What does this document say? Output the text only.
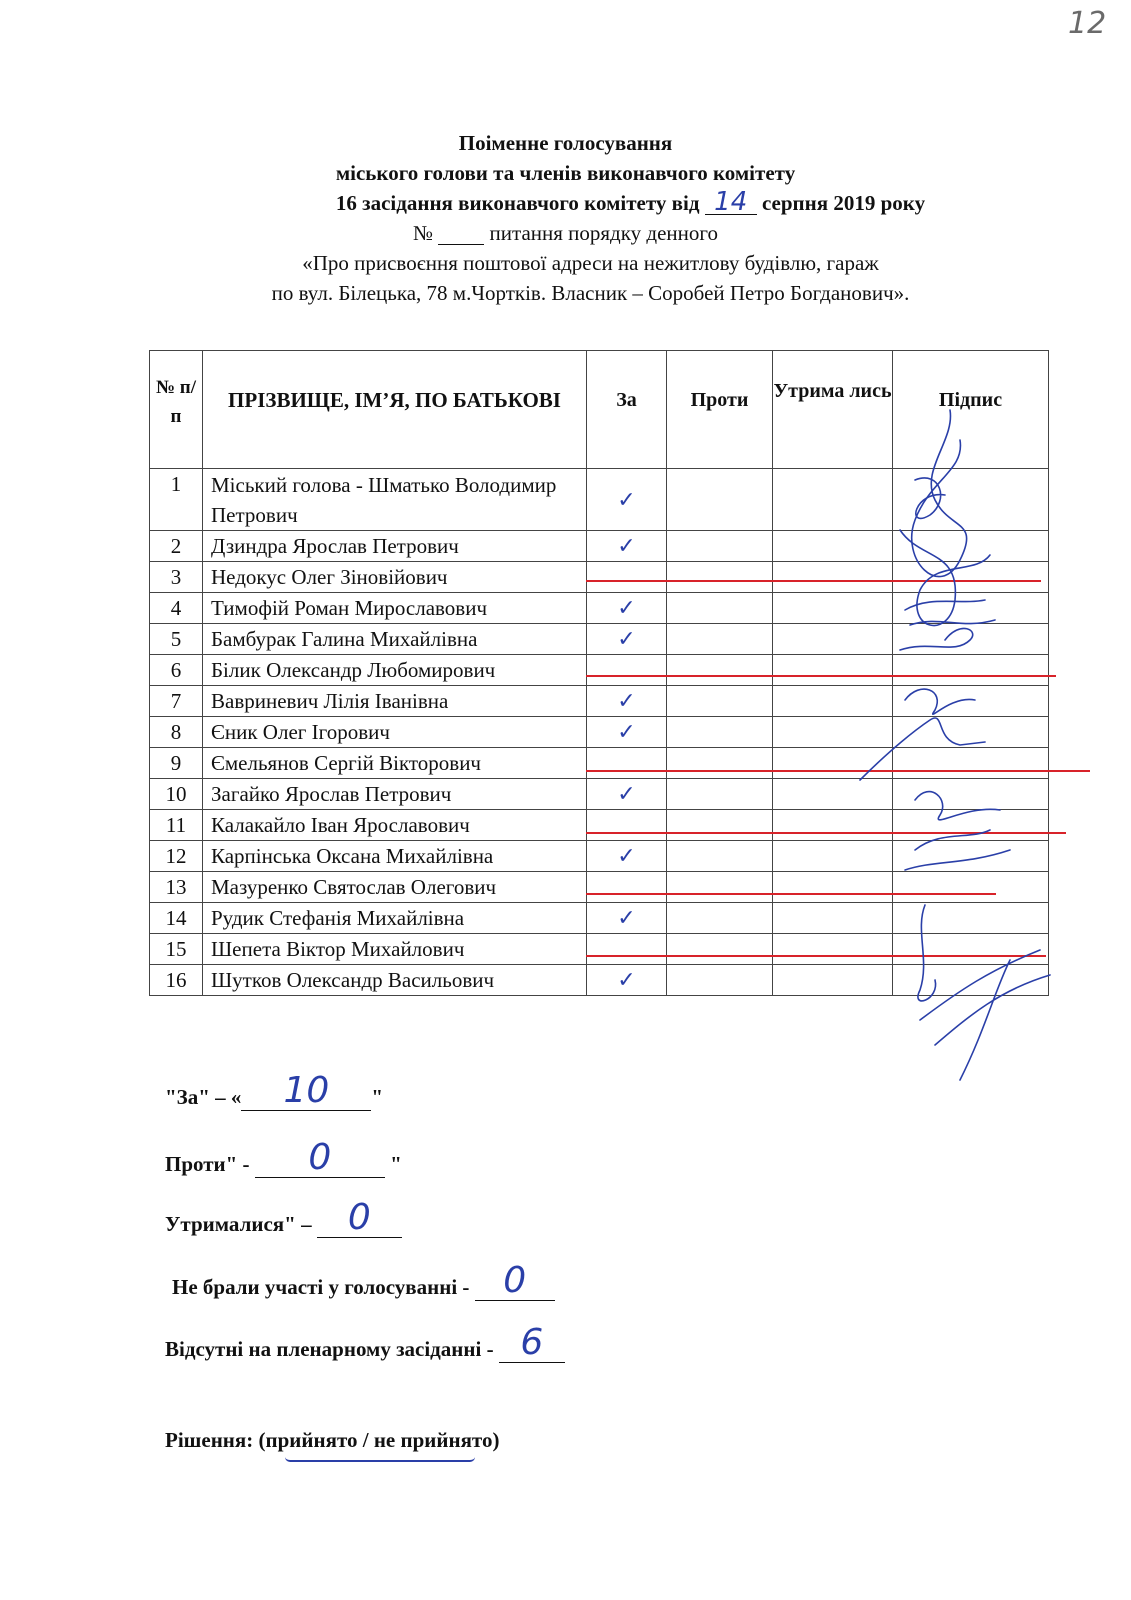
12
Поіменне голосування
міського голови та членів виконавчого комітету
16 засідання виконавчого комітету від 14 серпня 2019 року
№	питання порядку денного
«Про присвоєння поштової адреси на нежитлову будівлю, гараж
по вул. Білецька, 78 м.Чортків. Власник – Соробей Петро Богданович».
№ п/ п	ПРІЗВИЩЕ, ІМ’Я, ПО БАТЬКОВІ	За	Проти	Утрима лись	Підпис
1	Міський голова - Шматько Володимир Петрович	✓			
2	Дзиндра Ярослав Петрович	✓			
3	Недокус Олег Зіновійович				
4	Тимофій Роман Мирославович	✓			
5	Бамбурак Галина Михайлівна	✓			
6	Білик Олександр Любомирович				
7	Вавриневич Лілія Іванівна	✓			
8	Єник Олег Ігорович	✓			
9	Ємельянов Сергій Вікторович				
10	Загайко Ярослав Петрович	✓			
11	Калакайло Іван Ярославович				
12	Карпінська Оксана Михайлівна	✓			
13	Мазуренко Святослав Олегович				
14	Рудик Стефанія Михайлівна	✓			
15	Шепета Віктор Михайлович				
16	Шутков Олександр Васильович	✓			
"За" – «	10	"
Проти" -	0	"
Утрималися" –	0
Не брали участі у голосуванні - 0
Відсутні на пленарному засіданні - 6
Рішення: (прийнято / не прийнято)
